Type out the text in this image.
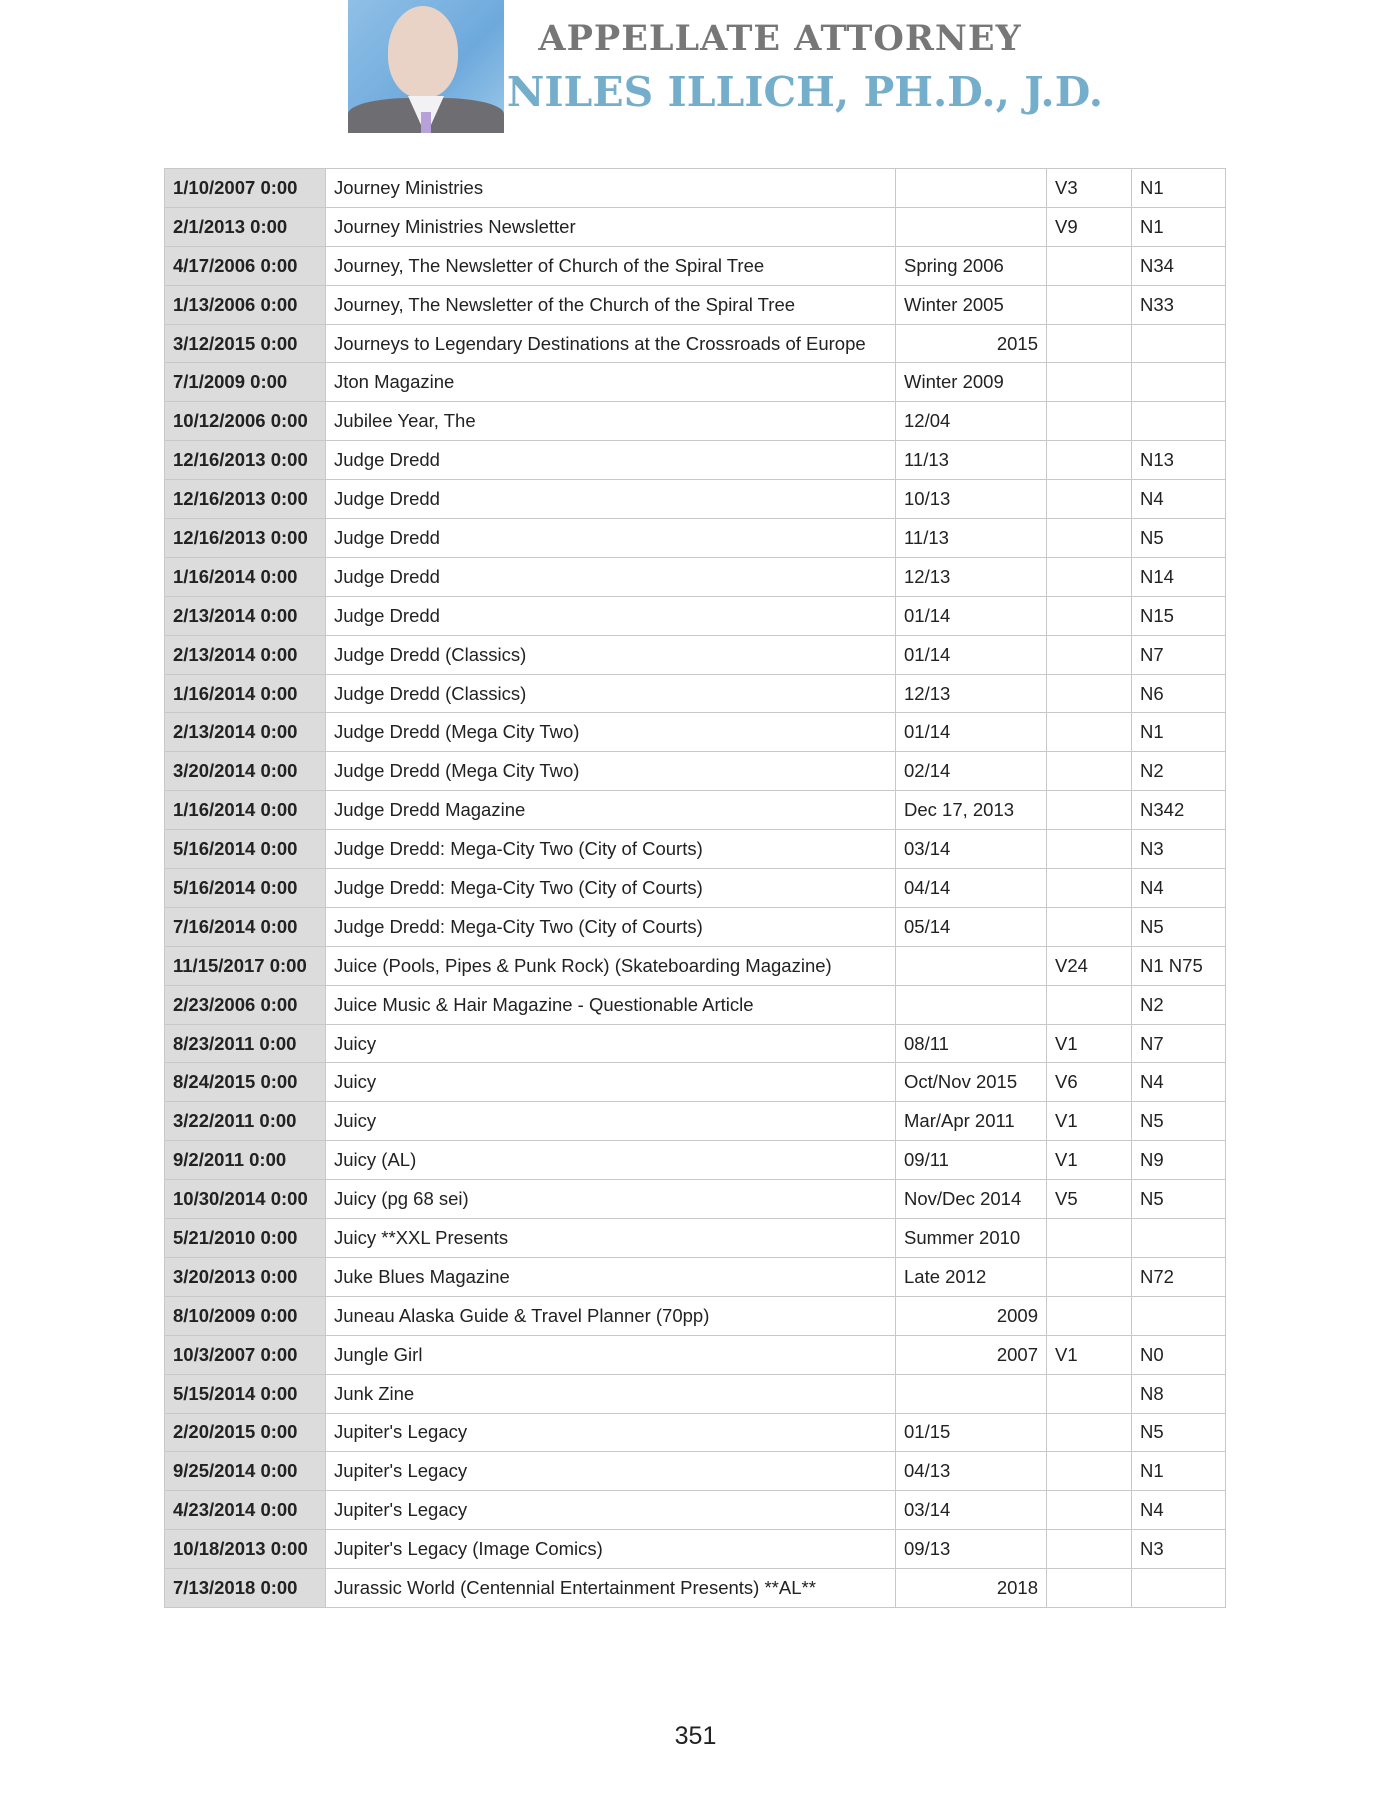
APPELLATE ATTORNEY
NILES ILLICH, PH.D., J.D.
1/10/2007 0:00	Journey Ministries		V3	N1
2/1/2013 0:00	Journey Ministries Newsletter		V9	N1
4/17/2006 0:00	Journey, The Newsletter of Church of the Spiral Tree	Spring 2006		N34
1/13/2006 0:00	Journey, The Newsletter of the Church of the Spiral Tree	Winter 2005		N33
3/12/2015 0:00	Journeys to Legendary Destinations at the Crossroads of Europe	2015		
7/1/2009 0:00	Jton Magazine	Winter 2009		
10/12/2006 0:00	Jubilee Year, The	12/04		
12/16/2013 0:00	Judge Dredd	11/13		N13
12/16/2013 0:00	Judge Dredd	10/13		N4
12/16/2013 0:00	Judge Dredd	11/13		N5
1/16/2014 0:00	Judge Dredd	12/13		N14
2/13/2014 0:00	Judge Dredd	01/14		N15
2/13/2014 0:00	Judge Dredd (Classics)	01/14		N7
1/16/2014 0:00	Judge Dredd (Classics)	12/13		N6
2/13/2014 0:00	Judge Dredd (Mega City Two)	01/14		N1
3/20/2014 0:00	Judge Dredd (Mega City Two)	02/14		N2
1/16/2014 0:00	Judge Dredd Magazine	Dec 17, 2013		N342
5/16/2014 0:00	Judge Dredd: Mega-City Two (City of Courts)	03/14		N3
5/16/2014 0:00	Judge Dredd: Mega-City Two (City of Courts)	04/14		N4
7/16/2014 0:00	Judge Dredd: Mega-City Two (City of Courts)	05/14		N5
11/15/2017 0:00	Juice (Pools, Pipes & Punk Rock) (Skateboarding Magazine)		V24	N1 N75
2/23/2006 0:00	Juice Music & Hair Magazine - Questionable Article			N2
8/23/2011 0:00	Juicy	08/11	V1	N7
8/24/2015 0:00	Juicy	Oct/Nov 2015	V6	N4
3/22/2011 0:00	Juicy	Mar/Apr 2011	V1	N5
9/2/2011 0:00	Juicy (AL)	09/11	V1	N9
10/30/2014 0:00	Juicy (pg 68 sei)	Nov/Dec 2014	V5	N5
5/21/2010 0:00	Juicy **XXL Presents	Summer 2010		
3/20/2013 0:00	Juke Blues Magazine	Late 2012		N72
8/10/2009 0:00	Juneau Alaska Guide & Travel Planner (70pp)	2009		
10/3/2007 0:00	Jungle Girl	2007	V1	N0
5/15/2014 0:00	Junk Zine			N8
2/20/2015 0:00	Jupiter's Legacy	01/15		N5
9/25/2014 0:00	Jupiter's Legacy	04/13		N1
4/23/2014 0:00	Jupiter's Legacy	03/14		N4
10/18/2013 0:00	Jupiter's Legacy (Image Comics)	09/13		N3
7/13/2018 0:00	Jurassic World (Centennial Entertainment Presents) **AL**	2018		
351
